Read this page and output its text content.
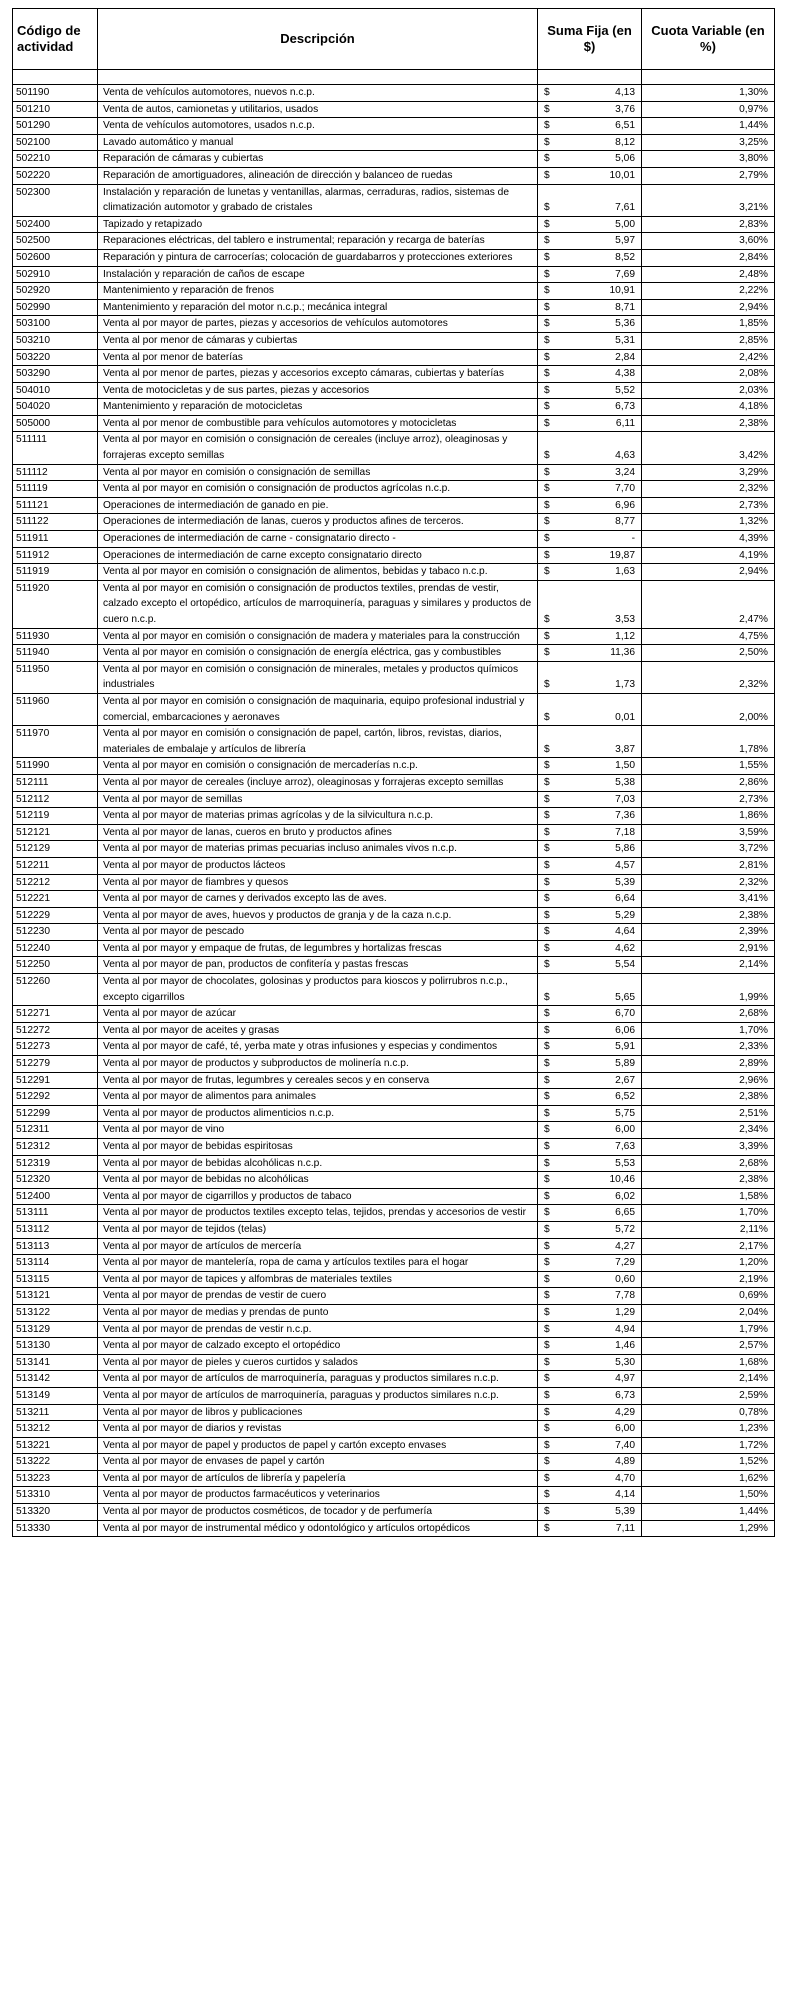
Código de actividad	Descripción	Suma Fija (en $)	Cuota Variable (en %)

501190	Venta de vehículos automotores, nuevos n.c.p.	$ 4,13	1,30%
501210	Venta de autos, camionetas y utilitarios, usados	$ 3,76	0,97%
501290	Venta de vehículos automotores, usados n.c.p.	$ 6,51	1,44%
502100	Lavado automático y manual	$ 8,12	3,25%
502210	Reparación de cámaras y cubiertas	$ 5,06	3,80%
502220	Reparación de amortiguadores, alineación de dirección y balanceo de ruedas	$ 10,01	2,79%
502300	Instalación y reparación de lunetas y ventanillas, alarmas, cerraduras, radios, sistemas de climatización automotor y grabado de cristales	$ 7,61	3,21%
502400	Tapizado y retapizado	$ 5,00	2,83%
502500	Reparaciones eléctricas, del tablero e instrumental; reparación y recarga de baterías	$ 5,97	3,60%
502600	Reparación y pintura de carrocerías; colocación de guardabarros y protecciones exteriores	$ 8,52	2,84%
502910	Instalación y reparación de caños de escape	$ 7,69	2,48%
502920	Mantenimiento y reparación de frenos	$ 10,91	2,22%
502990	Mantenimiento y reparación del motor n.c.p.; mecánica integral	$ 8,71	2,94%
503100	Venta al por mayor de partes, piezas y accesorios de vehículos automotores	$ 5,36	1,85%
503210	Venta al por menor de cámaras y cubiertas	$ 5,31	2,85%
503220	Venta al por menor de baterías	$ 2,84	2,42%
503290	Venta al por menor de partes, piezas y accesorios excepto cámaras, cubiertas y baterías	$ 4,38	2,08%
504010	Venta de motocicletas y de sus partes, piezas y accesorios	$ 5,52	2,03%
504020	Mantenimiento y reparación de motocicletas	$ 6,73	4,18%
505000	Venta al por menor de combustible para vehículos automotores y motocicletas	$ 6,11	2,38%
511111	Venta al por mayor en comisión o consignación de cereales (incluye arroz), oleaginosas y forrajeras excepto semillas	$ 4,63	3,42%
511112	Venta al por mayor en comisión o consignación de semillas	$ 3,24	3,29%
511119	Venta al por mayor en comisión o consignación de productos agrícolas n.c.p.	$ 7,70	2,32%
511121	Operaciones de intermediación de ganado en pie.	$ 6,96	2,73%
511122	Operaciones de intermediación de lanas, cueros y productos afines de terceros.	$ 8,77	1,32%
511911	Operaciones de intermediación de carne - consignatario directo -	$ -	4,39%
511912	Operaciones de intermediación de carne excepto consignatario directo	$ 19,87	4,19%
511919	Venta al por mayor en comisión o consignación de alimentos, bebidas y tabaco n.c.p.	$ 1,63	2,94%
511920	Venta al por mayor en comisión o consignación de productos textiles, prendas de vestir, calzado excepto el ortopédico, artículos de marroquinería, paraguas y similares y productos de cuero n.c.p.	$ 3,53	2,47%
511930	Venta al por mayor en comisión o consignación de madera y materiales para la construcción	$ 1,12	4,75%
511940	Venta al por mayor en comisión o consignación de energía eléctrica, gas y combustibles	$ 11,36	2,50%
511950	Venta al por mayor en comisión o consignación de minerales, metales y productos químicos industriales	$ 1,73	2,32%
511960	Venta al por mayor en comisión o consignación de maquinaria, equipo profesional industrial y comercial, embarcaciones y aeronaves	$ 0,01	2,00%
511970	Venta al por mayor en comisión o consignación de papel, cartón, libros, revistas, diarios, materiales de embalaje y artículos de librería	$ 3,87	1,78%
511990	Venta al por mayor en comisión o consignación de mercaderías n.c.p.	$ 1,50	1,55%
512111	Venta al por mayor de cereales (incluye arroz), oleaginosas y forrajeras excepto semillas	$ 5,38	2,86%
512112	Venta al por mayor de semillas	$ 7,03	2,73%
512119	Venta al por mayor de materias primas agrícolas y de la silvicultura n.c.p.	$ 7,36	1,86%
512121	Venta al por mayor de lanas, cueros en bruto y productos afines	$ 7,18	3,59%
512129	Venta al por mayor de materias primas pecuarias incluso animales vivos n.c.p.	$ 5,86	3,72%
512211	Venta al por mayor de productos lácteos	$ 4,57	2,81%
512212	Venta al por mayor de fiambres y quesos	$ 5,39	2,32%
512221	Venta al por mayor de carnes y derivados excepto las de aves.	$ 6,64	3,41%
512229	Venta al por mayor de aves, huevos y productos de granja y de la caza n.c.p.	$ 5,29	2,38%
512230	Venta al por mayor de pescado	$ 4,64	2,39%
512240	Venta al por mayor y empaque de frutas, de legumbres y hortalizas frescas	$ 4,62	2,91%
512250	Venta al por mayor de pan, productos de confitería y pastas frescas	$ 5,54	2,14%
512260	Venta al por mayor de chocolates, golosinas y productos para kioscos y polirrubros n.c.p., excepto cigarrillos	$ 5,65	1,99%
512271	Venta al por mayor de azúcar	$ 6,70	2,68%
512272	Venta al por mayor de aceites y grasas	$ 6,06	1,70%
512273	Venta al por mayor de café, té, yerba mate y otras infusiones y especias y condimentos	$ 5,91	2,33%
512279	Venta al por mayor de productos y subproductos de molinería n.c.p.	$ 5,89	2,89%
512291	Venta al por mayor de frutas, legumbres y cereales secos y en conserva	$ 2,67	2,96%
512292	Venta al por mayor de alimentos para animales	$ 6,52	2,38%
512299	Venta al por mayor de productos alimenticios n.c.p.	$ 5,75	2,51%
512311	Venta al por mayor de vino	$ 6,00	2,34%
512312	Venta al por mayor de bebidas espiritosas	$ 7,63	3,39%
512319	Venta al por mayor de bebidas alcohólicas n.c.p.	$ 5,53	2,68%
512320	Venta al por mayor de bebidas no alcohólicas	$ 10,46	2,38%
512400	Venta al por mayor de cigarrillos y productos de tabaco	$ 6,02	1,58%
513111	Venta al por mayor de productos textiles excepto telas, tejidos, prendas y accesorios de vestir	$ 6,65	1,70%
513112	Venta al por mayor de tejidos (telas)	$ 5,72	2,11%
513113	Venta al por mayor de artículos de mercería	$ 4,27	2,17%
513114	Venta al por mayor de mantelería, ropa de cama y artículos textiles para el hogar	$ 7,29	1,20%
513115	Venta al por mayor de tapices y alfombras de materiales textiles	$ 0,60	2,19%
513121	Venta al por mayor de prendas de vestir de cuero	$ 7,78	0,69%
513122	Venta al por mayor de medias y prendas de punto	$ 1,29	2,04%
513129	Venta al por mayor de prendas de vestir n.c.p.	$ 4,94	1,79%
513130	Venta al por mayor de calzado excepto el ortopédico	$ 1,46	2,57%
513141	Venta al por mayor de pieles y cueros curtidos y salados	$ 5,30	1,68%
513142	Venta al por mayor de artículos de marroquinería, paraguas y productos similares n.c.p.	$ 4,97	2,14%
513149	Venta al por mayor de artículos de marroquinería, paraguas y productos similares n.c.p.	$ 6,73	2,59%
513211	Venta al por mayor de libros y publicaciones	$ 4,29	0,78%
513212	Venta al por mayor de diarios y revistas	$ 6,00	1,23%
513221	Venta al por mayor de papel y productos de papel y cartón excepto envases	$ 7,40	1,72%
513222	Venta al por mayor de envases de papel y cartón	$ 4,89	1,52%
513223	Venta al por mayor de artículos de librería y papelería	$ 4,70	1,62%
513310	Venta al por mayor de productos farmacéuticos y veterinarios	$ 4,14	1,50%
513320	Venta al por mayor de productos cosméticos, de tocador y de perfumería	$ 5,39	1,44%
513330	Venta al por mayor de instrumental médico y odontológico y artículos ortopédicos	$ 7,11	1,29%
